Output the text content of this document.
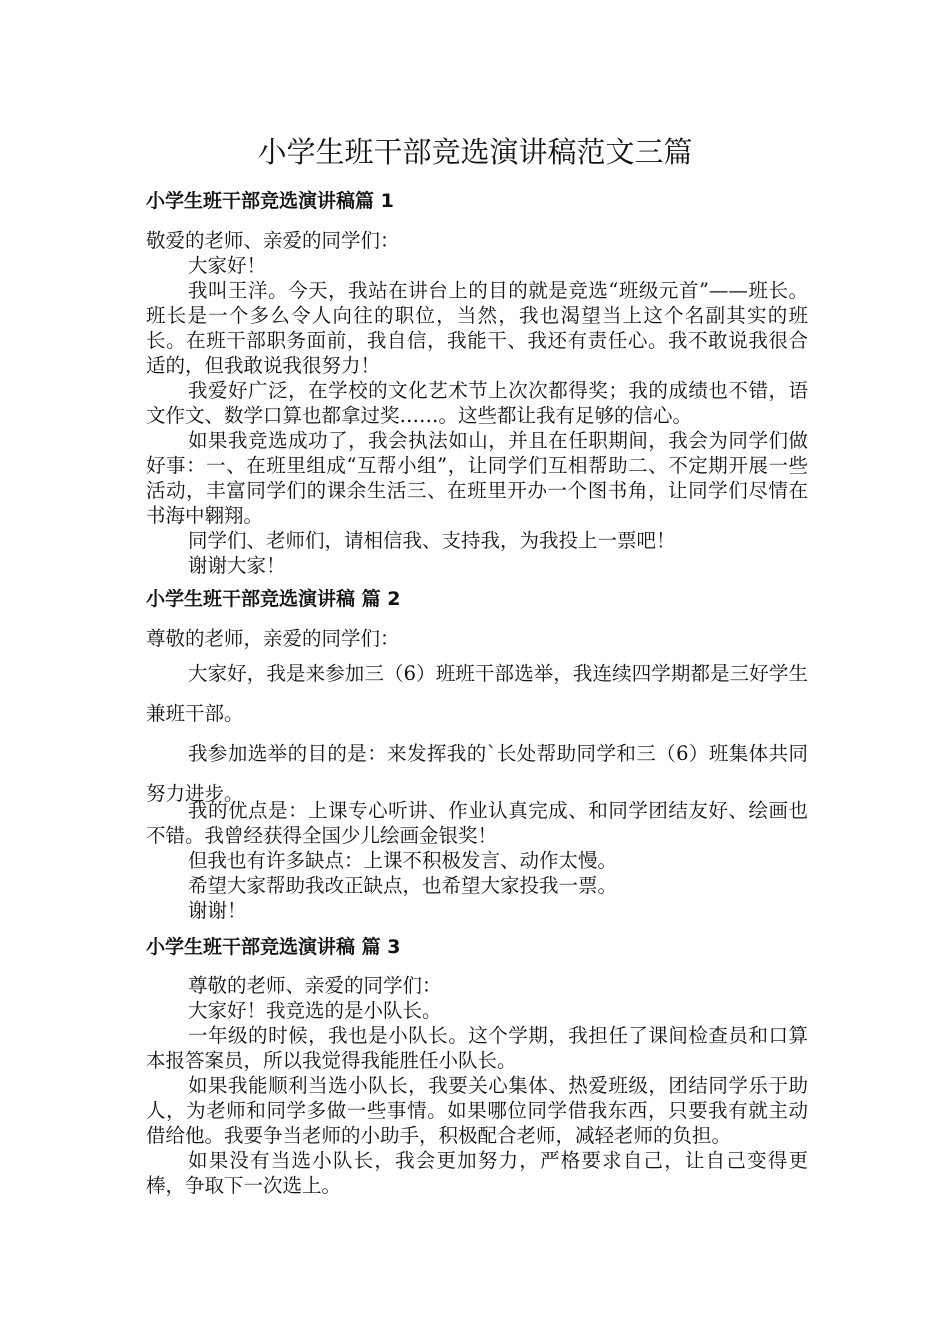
小学生班干部竞选演讲稿范文三篇
小学生班干部竞选演讲稿篇 1

敬爱的老师、亲爱的同学们：

大家好！

我叫王洋。今天，我站在讲台上的目的就是竞选“班级元首”——班长。班长是一个多么令人向往的职位，当然，我也渴望当上这个名副其实的班长。在班干部职务面前，我自信，我能干、我还有责任心。我不敢说我很合适的，但我敢说我很努力！

我爱好广泛，在学校的文化艺术节上次次都得奖；我的成绩也不错，语文作文、数学口算也都拿过奖……。这些都让我有足够的信心。

如果我竞选成功了，我会执法如山，并且在任职期间，我会为同学们做好事：一、在班里组成“互帮小组”，让同学们互相帮助二、不定期开展一些活动，丰富同学们的课余生活三、在班里开办一个图书角，让同学们尽情在书海中翱翔。

同学们、老师们，请相信我、支持我，为我投上一票吧！

谢谢大家！

小学生班干部竞选演讲稿 篇 2

尊敬的老师，亲爱的同学们：

大家好，我是来参加三（6）班班干部选举，我连续四学期都是三好学生兼班干部。

我参加选举的目的是：来发挥我的`长处帮助同学和三（6）班集体共同努力进步。

我的优点是：上课专心听讲、作业认真完成、和同学团结友好、绘画也不错。我曾经获得全国少儿绘画金银奖！

但我也有许多缺点：上课不积极发言、动作太慢。

希望大家帮助我改正缺点，也希望大家投我一票。

谢谢！

小学生班干部竞选演讲稿 篇 3

尊敬的老师、亲爱的同学们：

大家好！我竞选的是小队长。

一年级的时候，我也是小队长。这个学期，我担任了课间检查员和口算本报答案员，所以我觉得我能胜任小队长。

如果我能顺利当选小队长，我要关心集体、热爱班级，团结同学乐于助人，为老师和同学多做一些事情。如果哪位同学借我东西，只要我有就主动借给他。我要争当老师的小助手，积极配合老师，减轻老师的负担。

如果没有当选小队长，我会更加努力，严格要求自己，让自己变得更棒，争取下一次选上。
